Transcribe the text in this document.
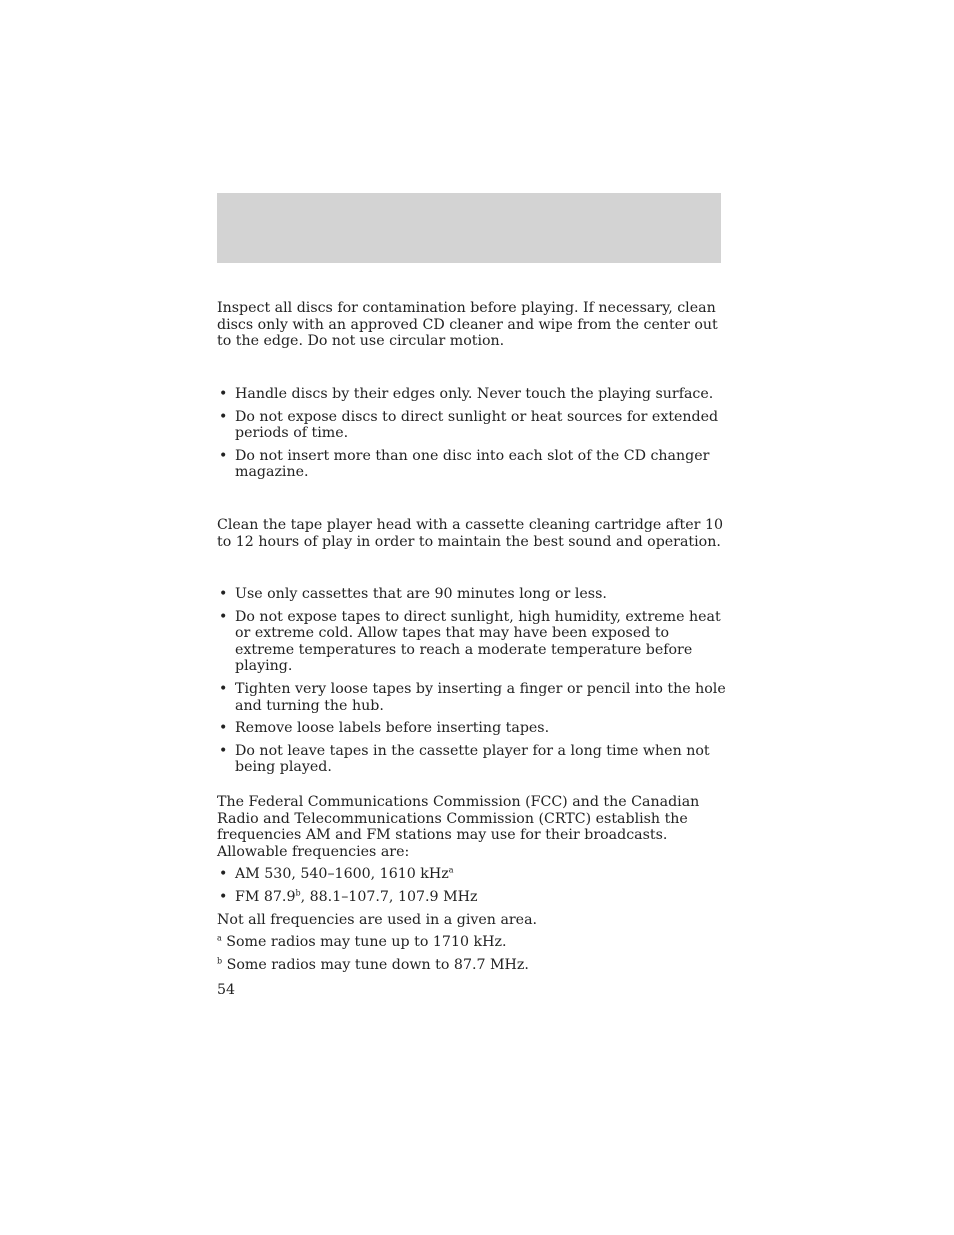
Inspect all discs for contamination before playing. If necessary, clean discs only with an approved CD cleaner and wipe from the center out to the edge. Do not use circular motion.

• Handle discs by their edges only. Never touch the playing surface.
• Do not expose discs to direct sunlight or heat sources for extended periods of time.
• Do not insert more than one disc into each slot of the CD changer magazine.

Clean the tape player head with a cassette cleaning cartridge after 10 to 12 hours of play in order to maintain the best sound and operation.

• Use only cassettes that are 90 minutes long or less.
• Do not expose tapes to direct sunlight, high humidity, extreme heat or extreme cold. Allow tapes that may have been exposed to extreme temperatures to reach a moderate temperature before playing.
• Tighten very loose tapes by inserting a finger or pencil into the hole and turning the hub.
• Remove loose labels before inserting tapes.
• Do not leave tapes in the cassette player for a long time when not being played.

The Federal Communications Commission (FCC) and the Canadian Radio and Telecommunications Commission (CRTC) establish the frequencies AM and FM stations may use for their broadcasts. Allowable frequencies are:

• AM 530, 540–1600, 1610 kHz$^a$
• FM 87.9$^b$, 88.1–107.7, 107.9 MHz

Not all frequencies are used in a given area.

$^a$ Some radios may tune up to 1710 kHz.

$^b$ Some radios may tune down to 87.7 MHz.

54
